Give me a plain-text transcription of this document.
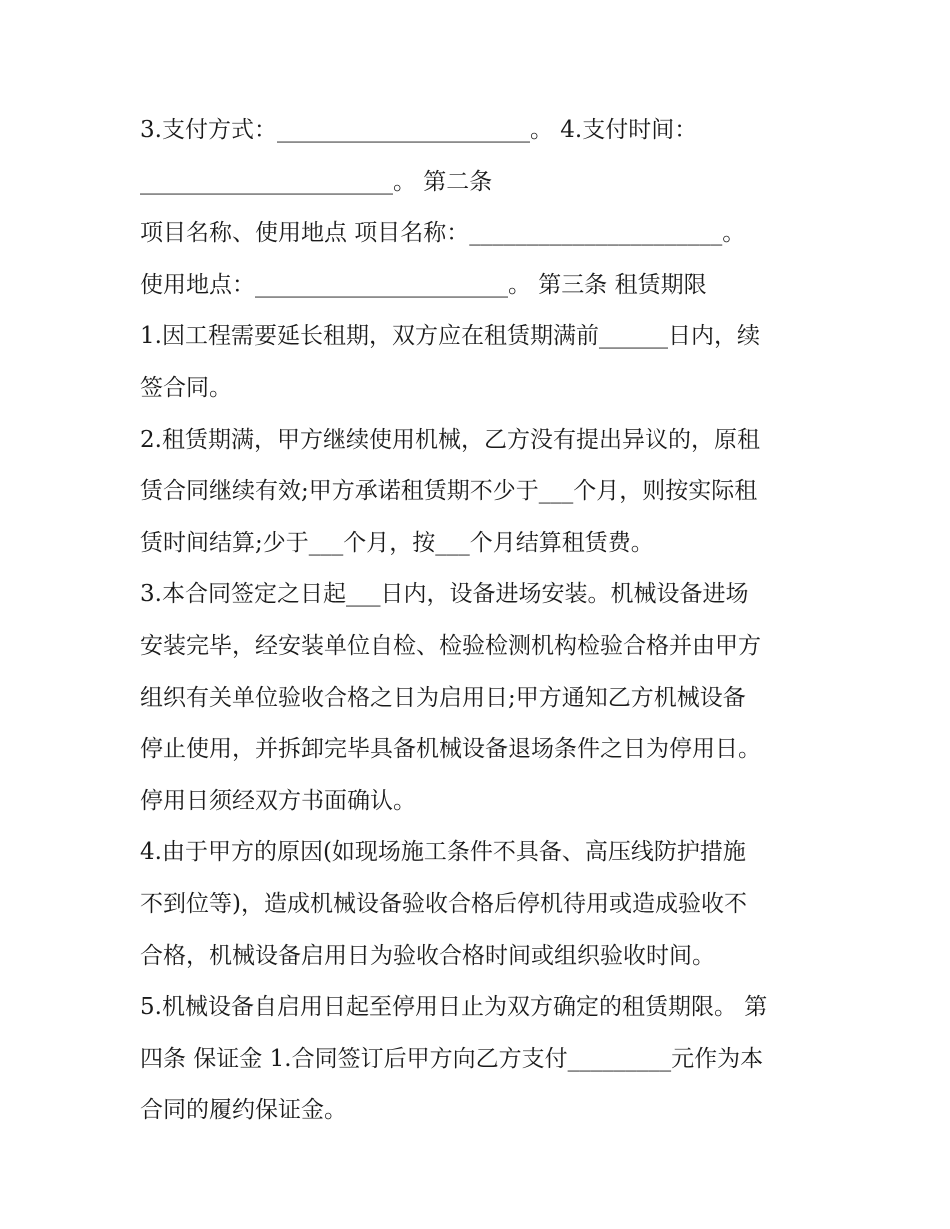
3.支付方式：______________________。 4.支付时间：
______________________。 第二条
项目名称、使用地点 项目名称：______________________。
使用地点：______________________。 第三条 租赁期限
1.因工程需要延长租期，双方应在租赁期满前______日内，续
签合同。
2.租赁期满，甲方继续使用机械，乙方没有提出异议的，原租
赁合同继续有效;甲方承诺租赁期不少于___个月，则按实际租
赁时间结算;少于___个月，按___个月结算租赁费。
3.本合同签定之日起___日内，设备进场安装。机械设备进场
安装完毕，经安装单位自检、检验检测机构检验合格并由甲方
组织有关单位验收合格之日为启用日;甲方通知乙方机械设备
停止使用，并拆卸完毕具备机械设备退场条件之日为停用日。
停用日须经双方书面确认。
4.由于甲方的原因(如现场施工条件不具备、高压线防护措施
不到位等)，造成机械设备验收合格后停机待用或造成验收不
合格，机械设备启用日为验收合格时间或组织验收时间。
5.机械设备自启用日起至停用日止为双方确定的租赁期限。 第
四条 保证金 1.合同签订后甲方向乙方支付_________元作为本
合同的履约保证金。
